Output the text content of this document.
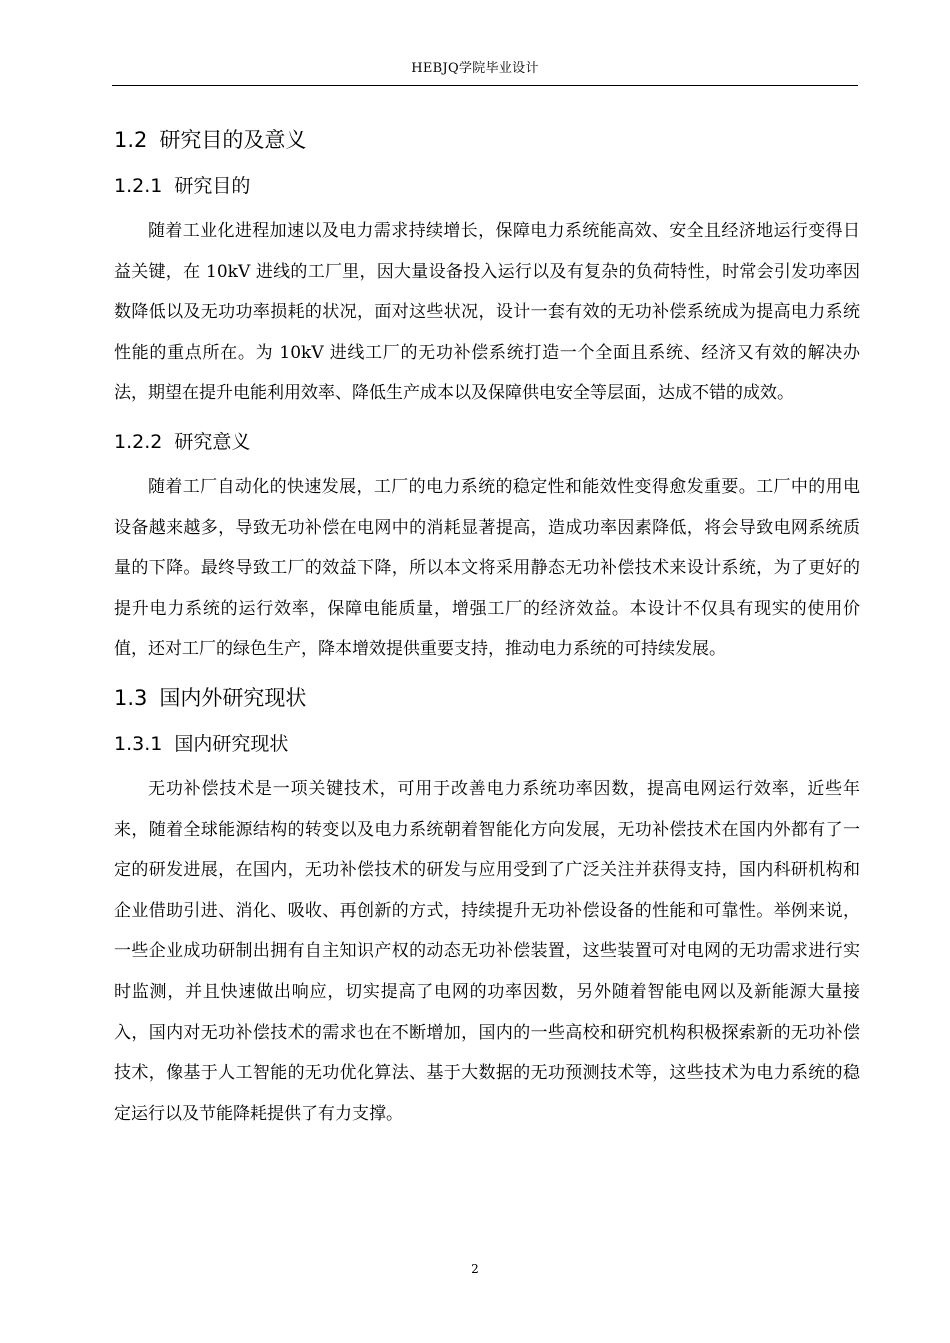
HEBJQ学院毕业设计
1.2 研究目的及意义
1.2.1 研究目的

随着工业化进程加速以及电力需求持续增长，保障电力系统能高效、安全且经济地运行变得日益关键，在 10kV 进线的工厂里，因大量设备投入运行以及有复杂的负荷特性，时常会引发功率因数降低以及无功功率损耗的状况，面对这些状况，设计一套有效的无功补偿系统成为提高电力系统性能的重点所在。为 10kV 进线工厂的无功补偿系统打造一个全面且系统、经济又有效的解决办法，期望在提升电能利用效率、降低生产成本以及保障供电安全等层面，达成不错的成效。

1.2.2 研究意义

随着工厂自动化的快速发展，工厂的电力系统的稳定性和能效性变得愈发重要。工厂中的用电设备越来越多，导致无功补偿在电网中的消耗显著提高，造成功率因素降低，将会导致电网系统质量的下降。最终导致工厂的效益下降，所以本文将采用静态无功补偿技术来设计系统，为了更好的提升电力系统的运行效率，保障电能质量，增强工厂的经济效益。本设计不仅具有现实的使用价值，还对工厂的绿色生产，降本增效提供重要支持，推动电力系统的可持续发展。

1.3 国内外研究现状
1.3.1 国内研究现状

无功补偿技术是一项关键技术，可用于改善电力系统功率因数，提高电网运行效率，近些年来，随着全球能源结构的转变以及电力系统朝着智能化方向发展，无功补偿技术在国内外都有了一定的研发进展，在国内，无功补偿技术的研发与应用受到了广泛关注并获得支持，国内科研机构和企业借助引进、消化、吸收、再创新的方式，持续提升无功补偿设备的性能和可靠性。举例来说，一些企业成功研制出拥有自主知识产权的动态无功补偿装置，这些装置可对电网的无功需求进行实时监测，并且快速做出响应，切实提高了电网的功率因数，另外随着智能电网以及新能源大量接入，国内对无功补偿技术的需求也在不断增加，国内的一些高校和研究机构积极探索新的无功补偿技术，像基于人工智能的无功优化算法、基于大数据的无功预测技术等，这些技术为电力系统的稳定运行以及节能降耗提供了有力支撑。

2
